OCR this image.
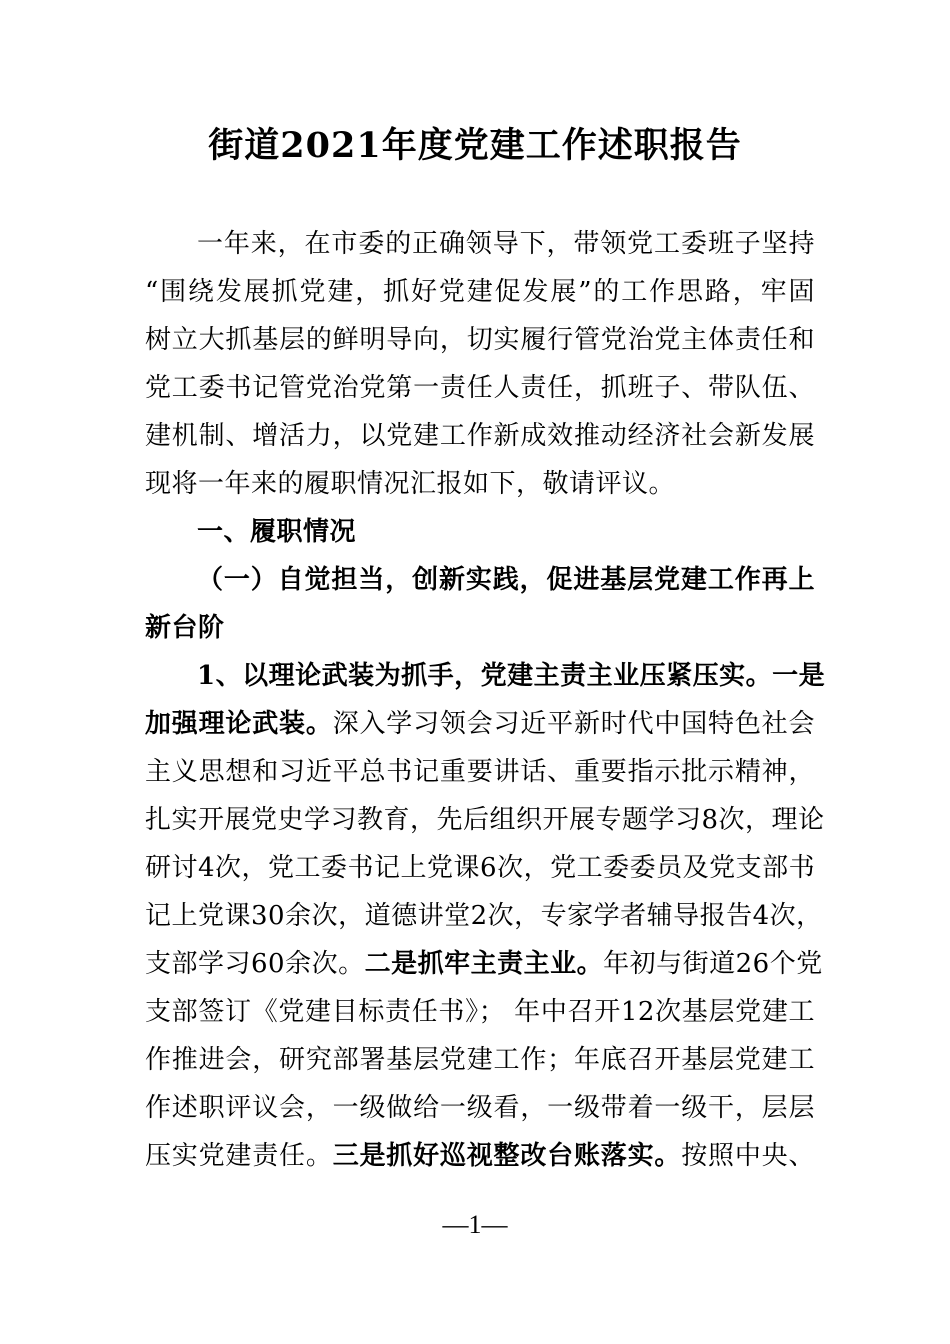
街道2021年度党建工作述职报告
一年来，在市委的正确领导下，带领党工委班子坚持
“围绕发展抓党建，抓好党建促发展”的工作思路，牢固
树立大抓基层的鲜明导向，切实履行管党治党主体责任和
党工委书记管党治党第一责任人责任，抓班子、带队伍、
建机制、增活力，以党建工作新成效推动经济社会新发展
现将一年来的履职情况汇报如下，敬请评议。
一、履职情况
（一）自觉担当，创新实践，促进基层党建工作再上
新台阶
1、以理论武装为抓手，党建主责主业压紧压实。一是
加强理论武装。深入学习领会习近平新时代中国特色社会
主义思想和习近平总书记重要讲话、重要指示批示精神，
扎实开展党史学习教育，先后组织开展专题学习8次，理论
研讨4次，党工委书记上党课6次，党工委委员及党支部书
记上党课30余次，道德讲堂2次，专家学者辅导报告4次，
支部学习60余次。二是抓牢主责主业。年初与街道26个党
支部签订《党建目标责任书》； 年中召开12次基层党建工
作推进会，研究部署基层党建工作；年底召开基层党建工
作述职评议会，一级做给一级看，一级带着一级干，层层
压实党建责任。三是抓好巡视整改台账落实。按照中央、
—1—
